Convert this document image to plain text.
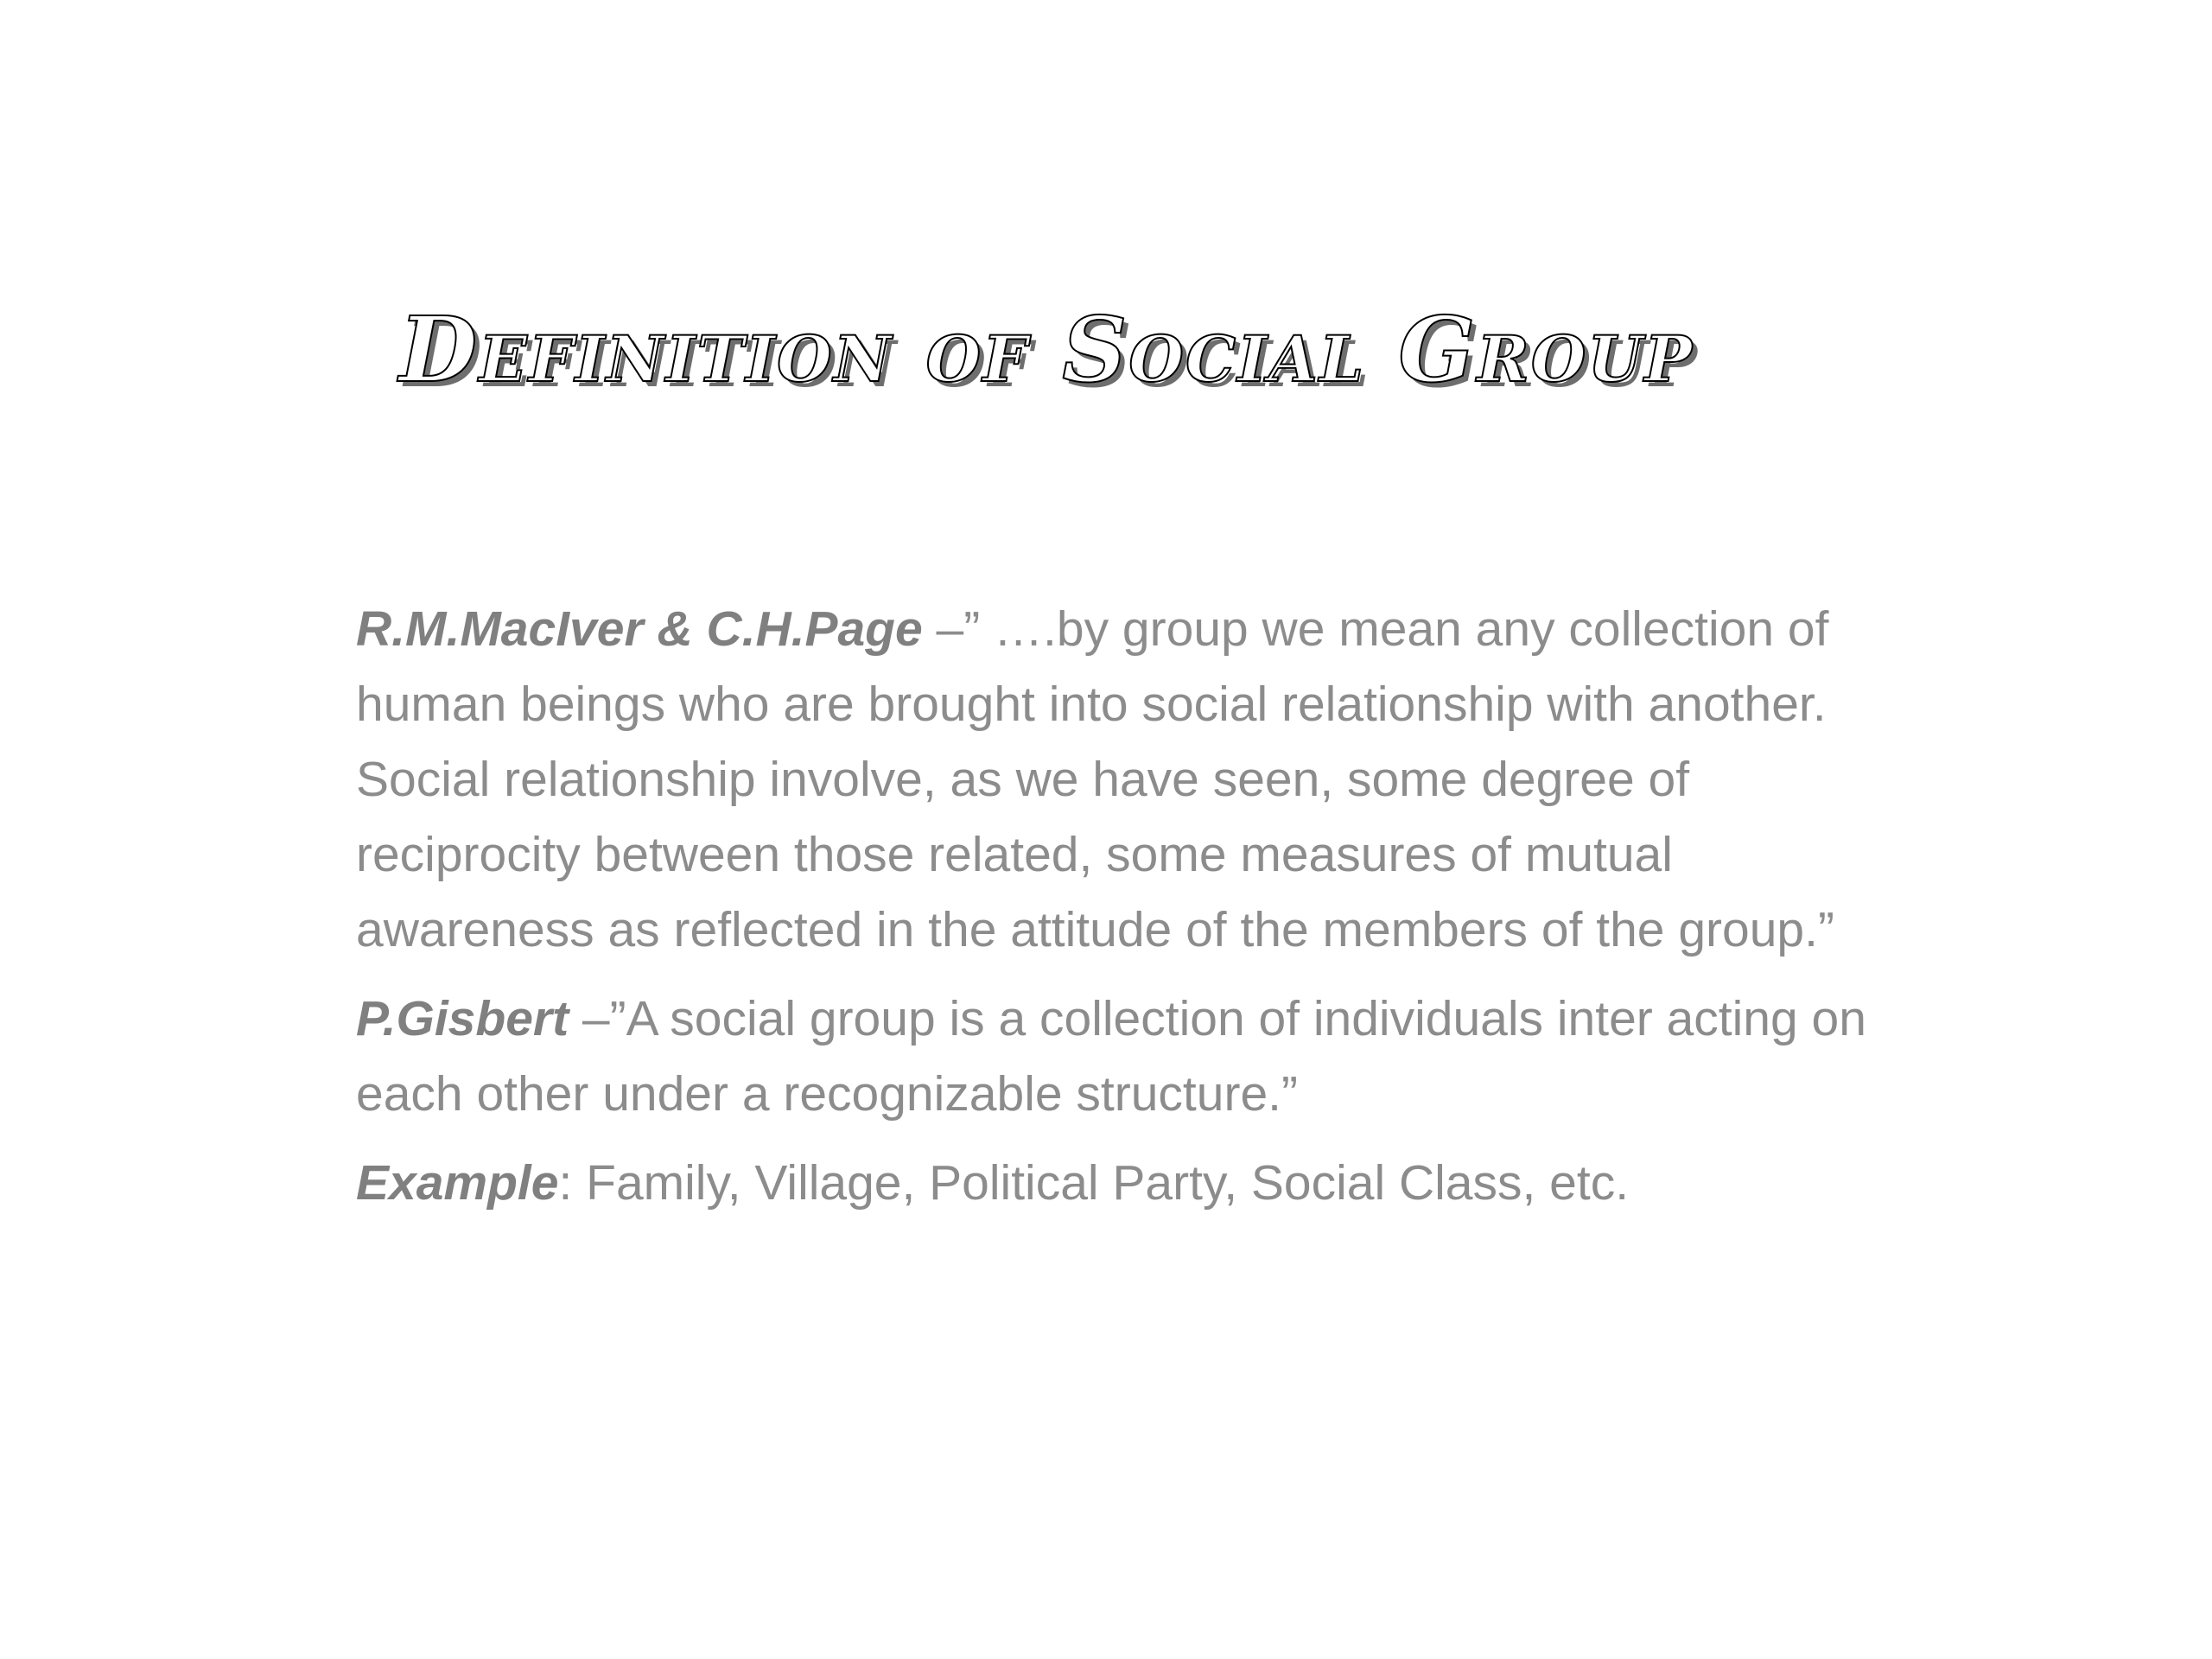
Definition of Social Group

R.M.MacIver & C.H.Page –” ….by group we mean any collection of human beings who are brought into social relationship with another. Social relationship involve, as we have seen, some degree of reciprocity between those related, some measures of mutual awareness as reflected in the attitude of the members of the group.”

P.Gisbert –”A social group is a collection of individuals inter acting on each other under a recognizable structure.”

Example: Family, Village, Political Party, Social Class, etc.
